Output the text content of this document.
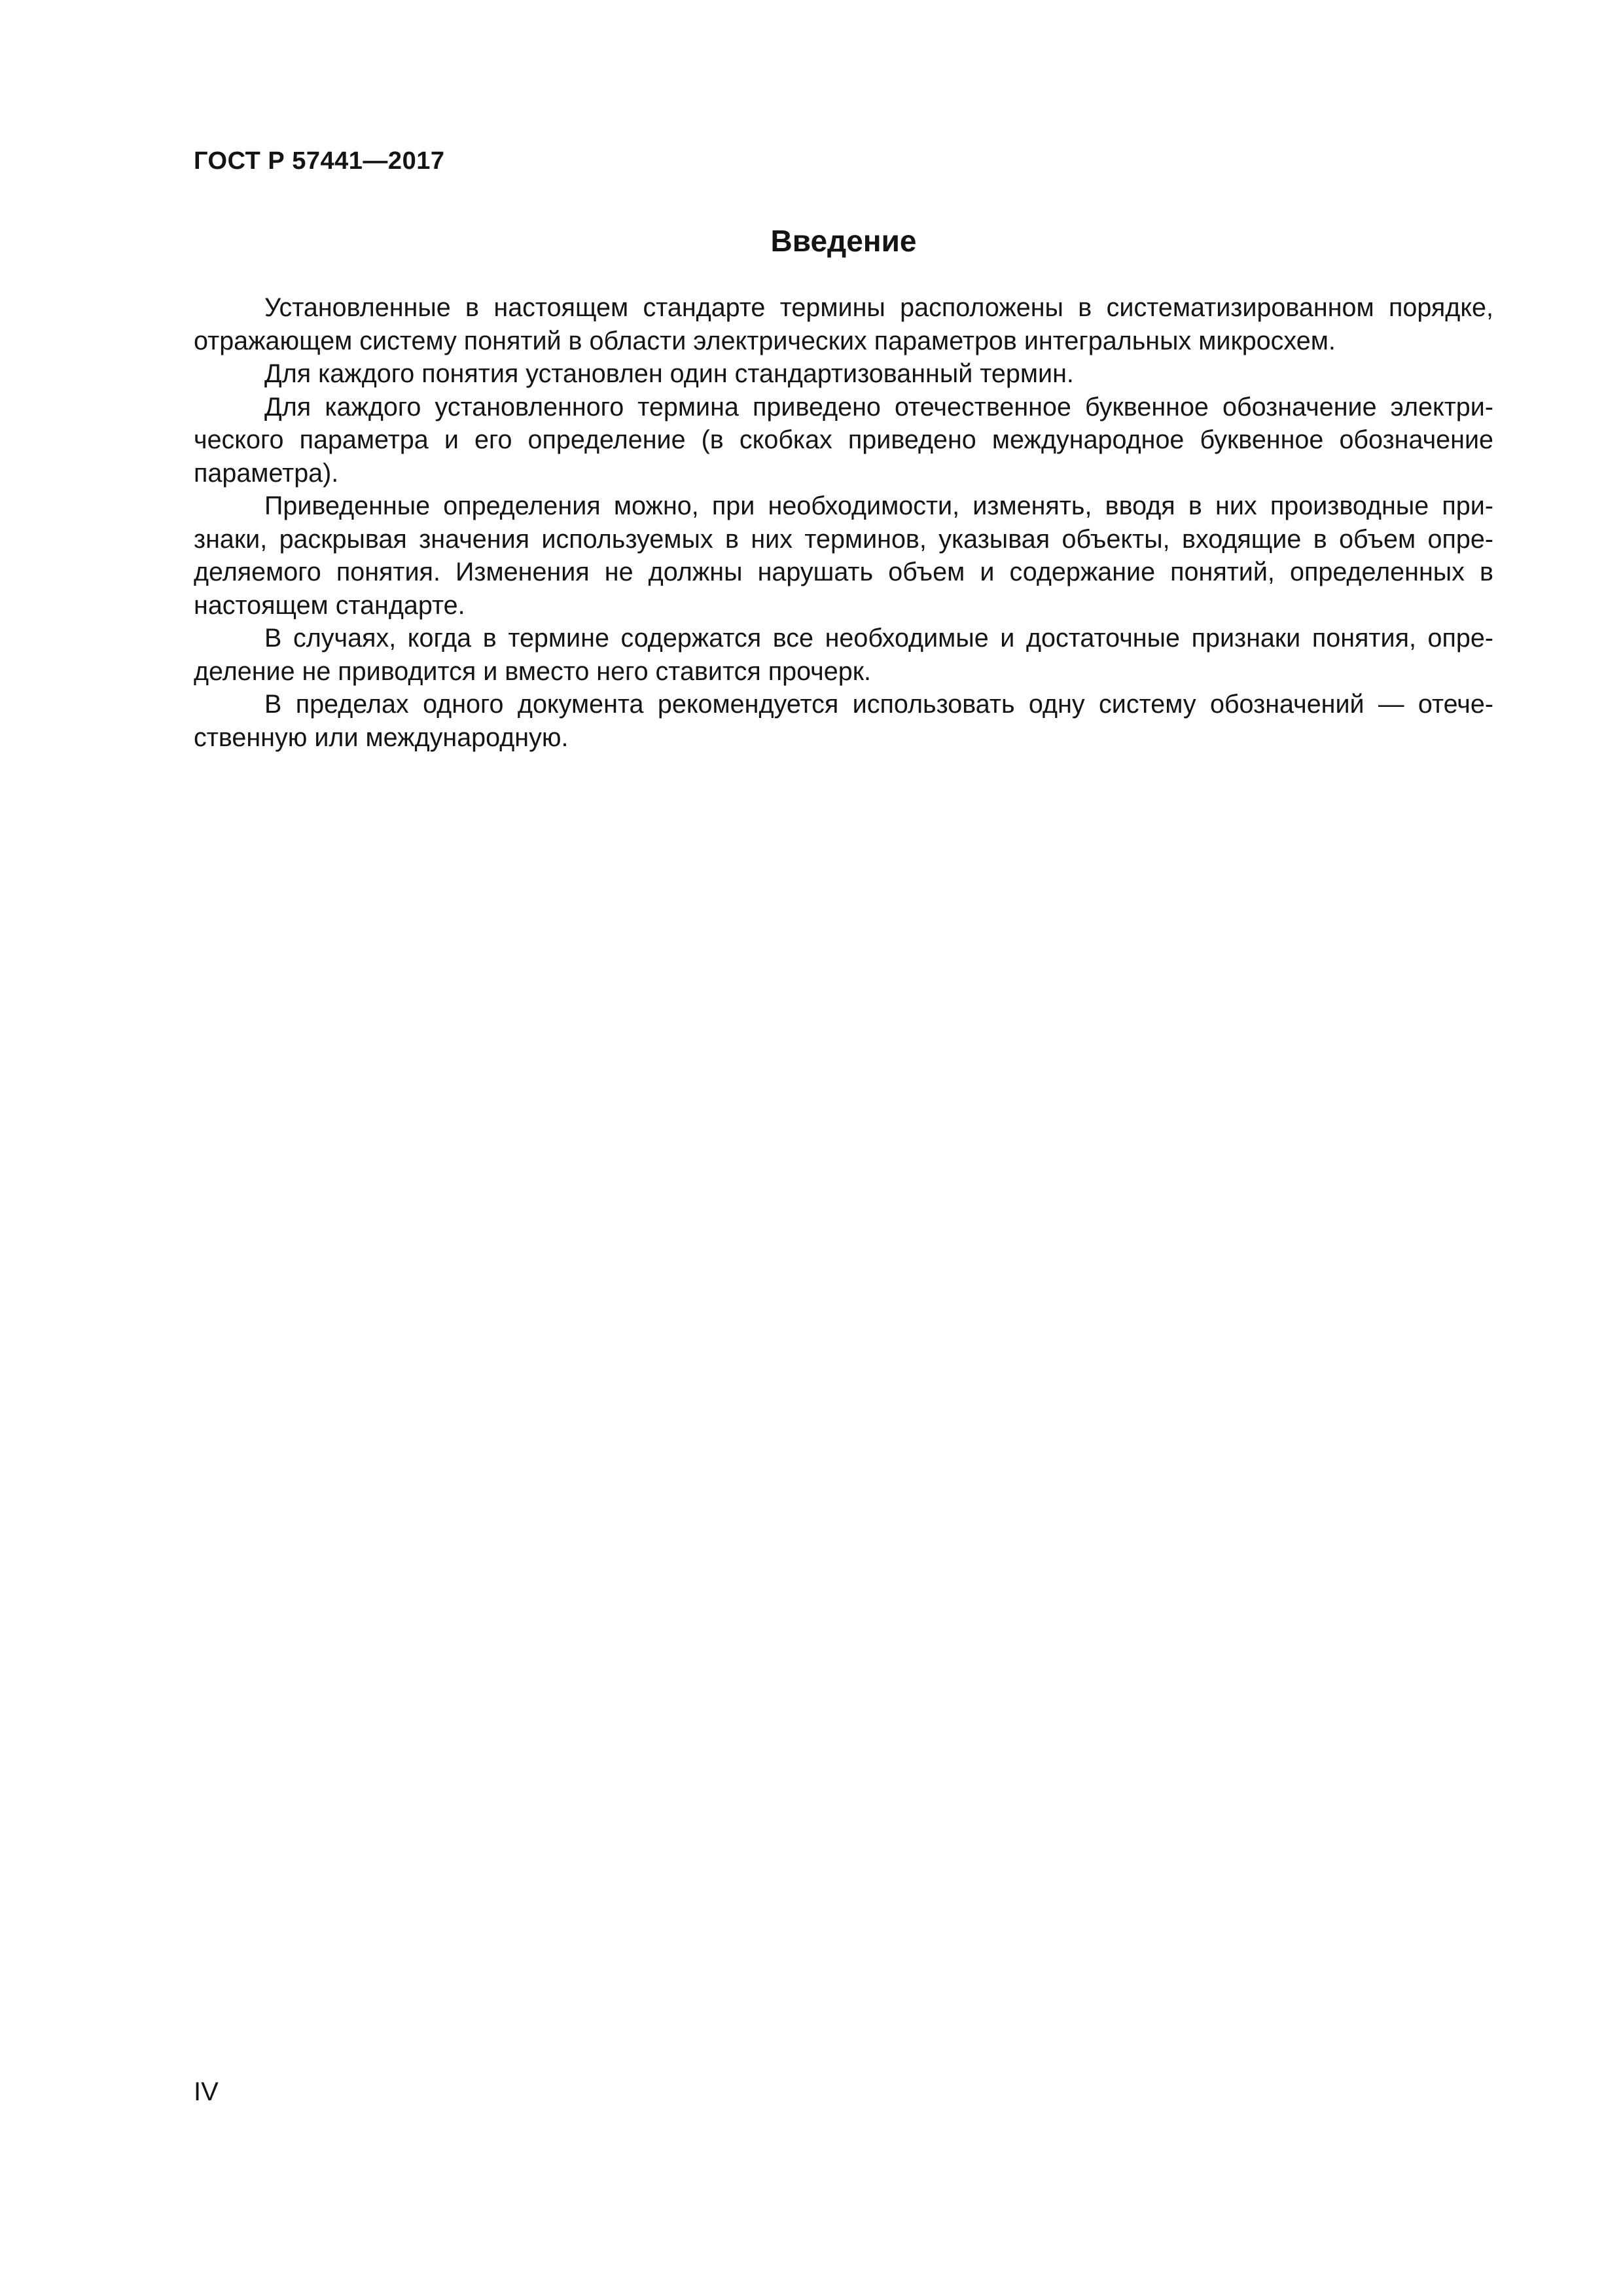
ГОСТ Р 57441—2017
Введение

Установленные в настоящем стандарте термины расположены в систематизированном порядке, отражающем систему понятий в области электрических параметров интегральных микросхем.

Для каждого понятия установлен один стандартизованный термин.

Для каждого установленного термина приведено отечественное буквенное обозначение электрического параметра и его определение (в скобках приведено международное буквенное обозначение параметра).

Приведенные определения можно, при необходимости, изменять, вводя в них производные признаки, раскрывая значения используемых в них терминов, указывая объекты, входящие в объем определяемого понятия. Изменения не должны нарушать объем и содержание понятий, определенных в настоящем стандарте.

В случаях, когда в термине содержатся все необходимые и достаточные признаки понятия, определение не приводится и вместо него ставится прочерк.

В пределах одного документа рекомендуется использовать одну систему обозначений — отечественную или международную.

IV
